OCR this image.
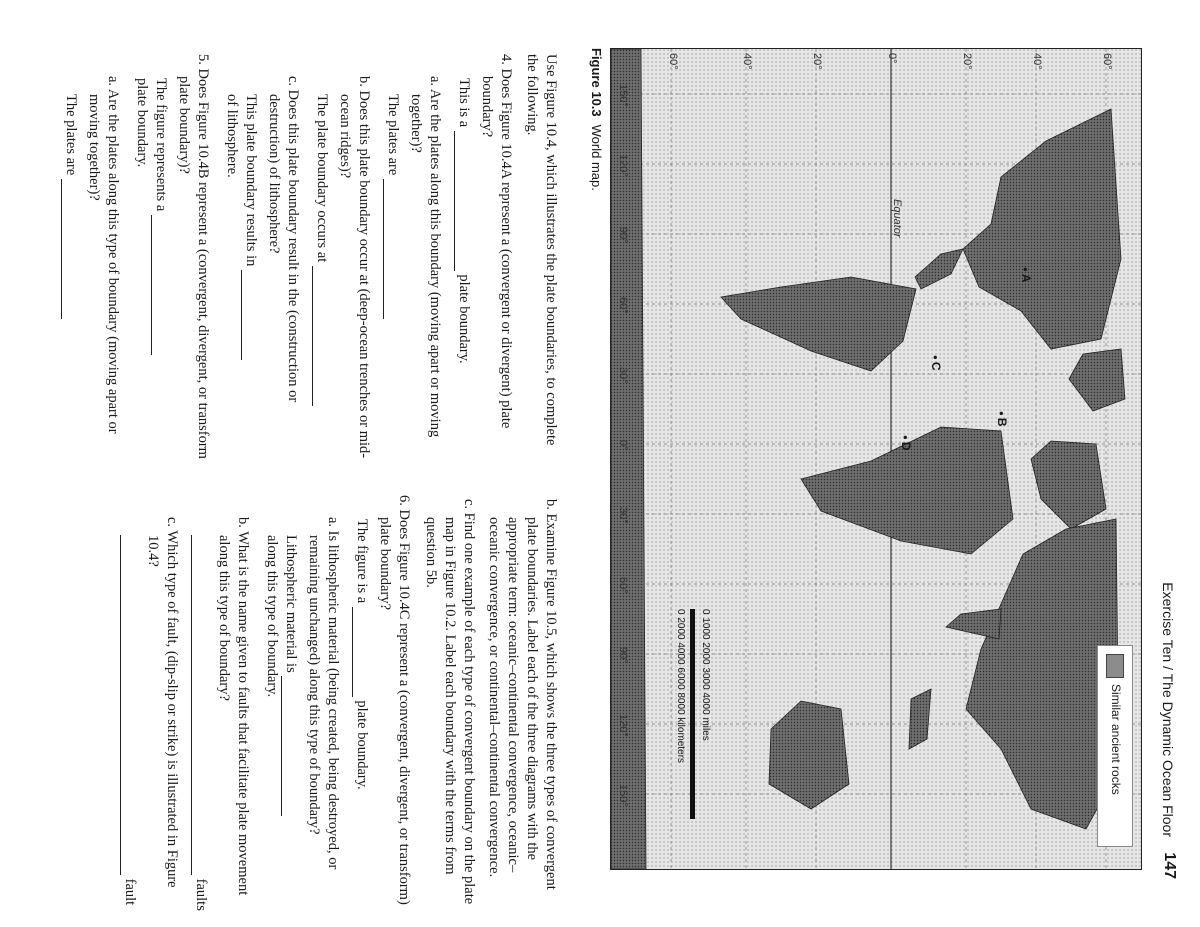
Exercise Ten / The Dynamic Ocean Floor
147
60°
40°
20°
0°
20°
40°
60°
150°
120°
90°
60°
30°
0°
30°
60°
90°
120°
150°
Equator
Similar ancient rocks
0 1000 2000 3000 4000 miles
0 2000 4000 6000 8000 kilometers
● A
● B
● C
● D
Figure 10.3World map.

Use Figure 10.4, which illustrates the plate boundaries, to complete the following.

4. Does Figure 10.4A represent a (convergent or divergent) plate boundary?

This is a  plate boundary.

a. Are the plates along this boundary (moving apart or moving together)?

The plates are

b. Does this plate boundary occur at (deep-ocean trenches or mid-ocean ridges)?

The plate boundary occurs at

c. Does this plate boundary result in the (construction or destruction) of lithosphere?

This plate boundary results in
of lithosphere.

5. Does Figure 10.4B represent a (convergent, divergent, or transform plate boundary)?

The figure represents a
plate boundary.

a. Are the plates along this type of boundary (moving apart or moving together)?

The plates are

b. Examine Figure 10.5, which shows the three types of convergent plate boundaries. Label each of the three diagrams with the appropriate term: oceanic–continental convergence, oceanic–oceanic convergence, or continental–continental convergence.

c. Find one example of each type of convergent boundary on the plate map in Figure 10.2. Label each boundary with the terms from question 5b.

6. Does Figure 10.4C represent a (convergent, divergent, or transform) plate boundary?

The figure is a  plate boundary.

a. Is lithospheric material (being created, being destroyed, or remaining unchanged) along this type of boundary?

Lithospheric material is
along this type of boundary.

b. What is the name given to faults that facilitate plate movement along this type of boundary?

faults

c. Which type of fault, (dip-slip or strike) is illustrated in Figure 10.4?

fault
